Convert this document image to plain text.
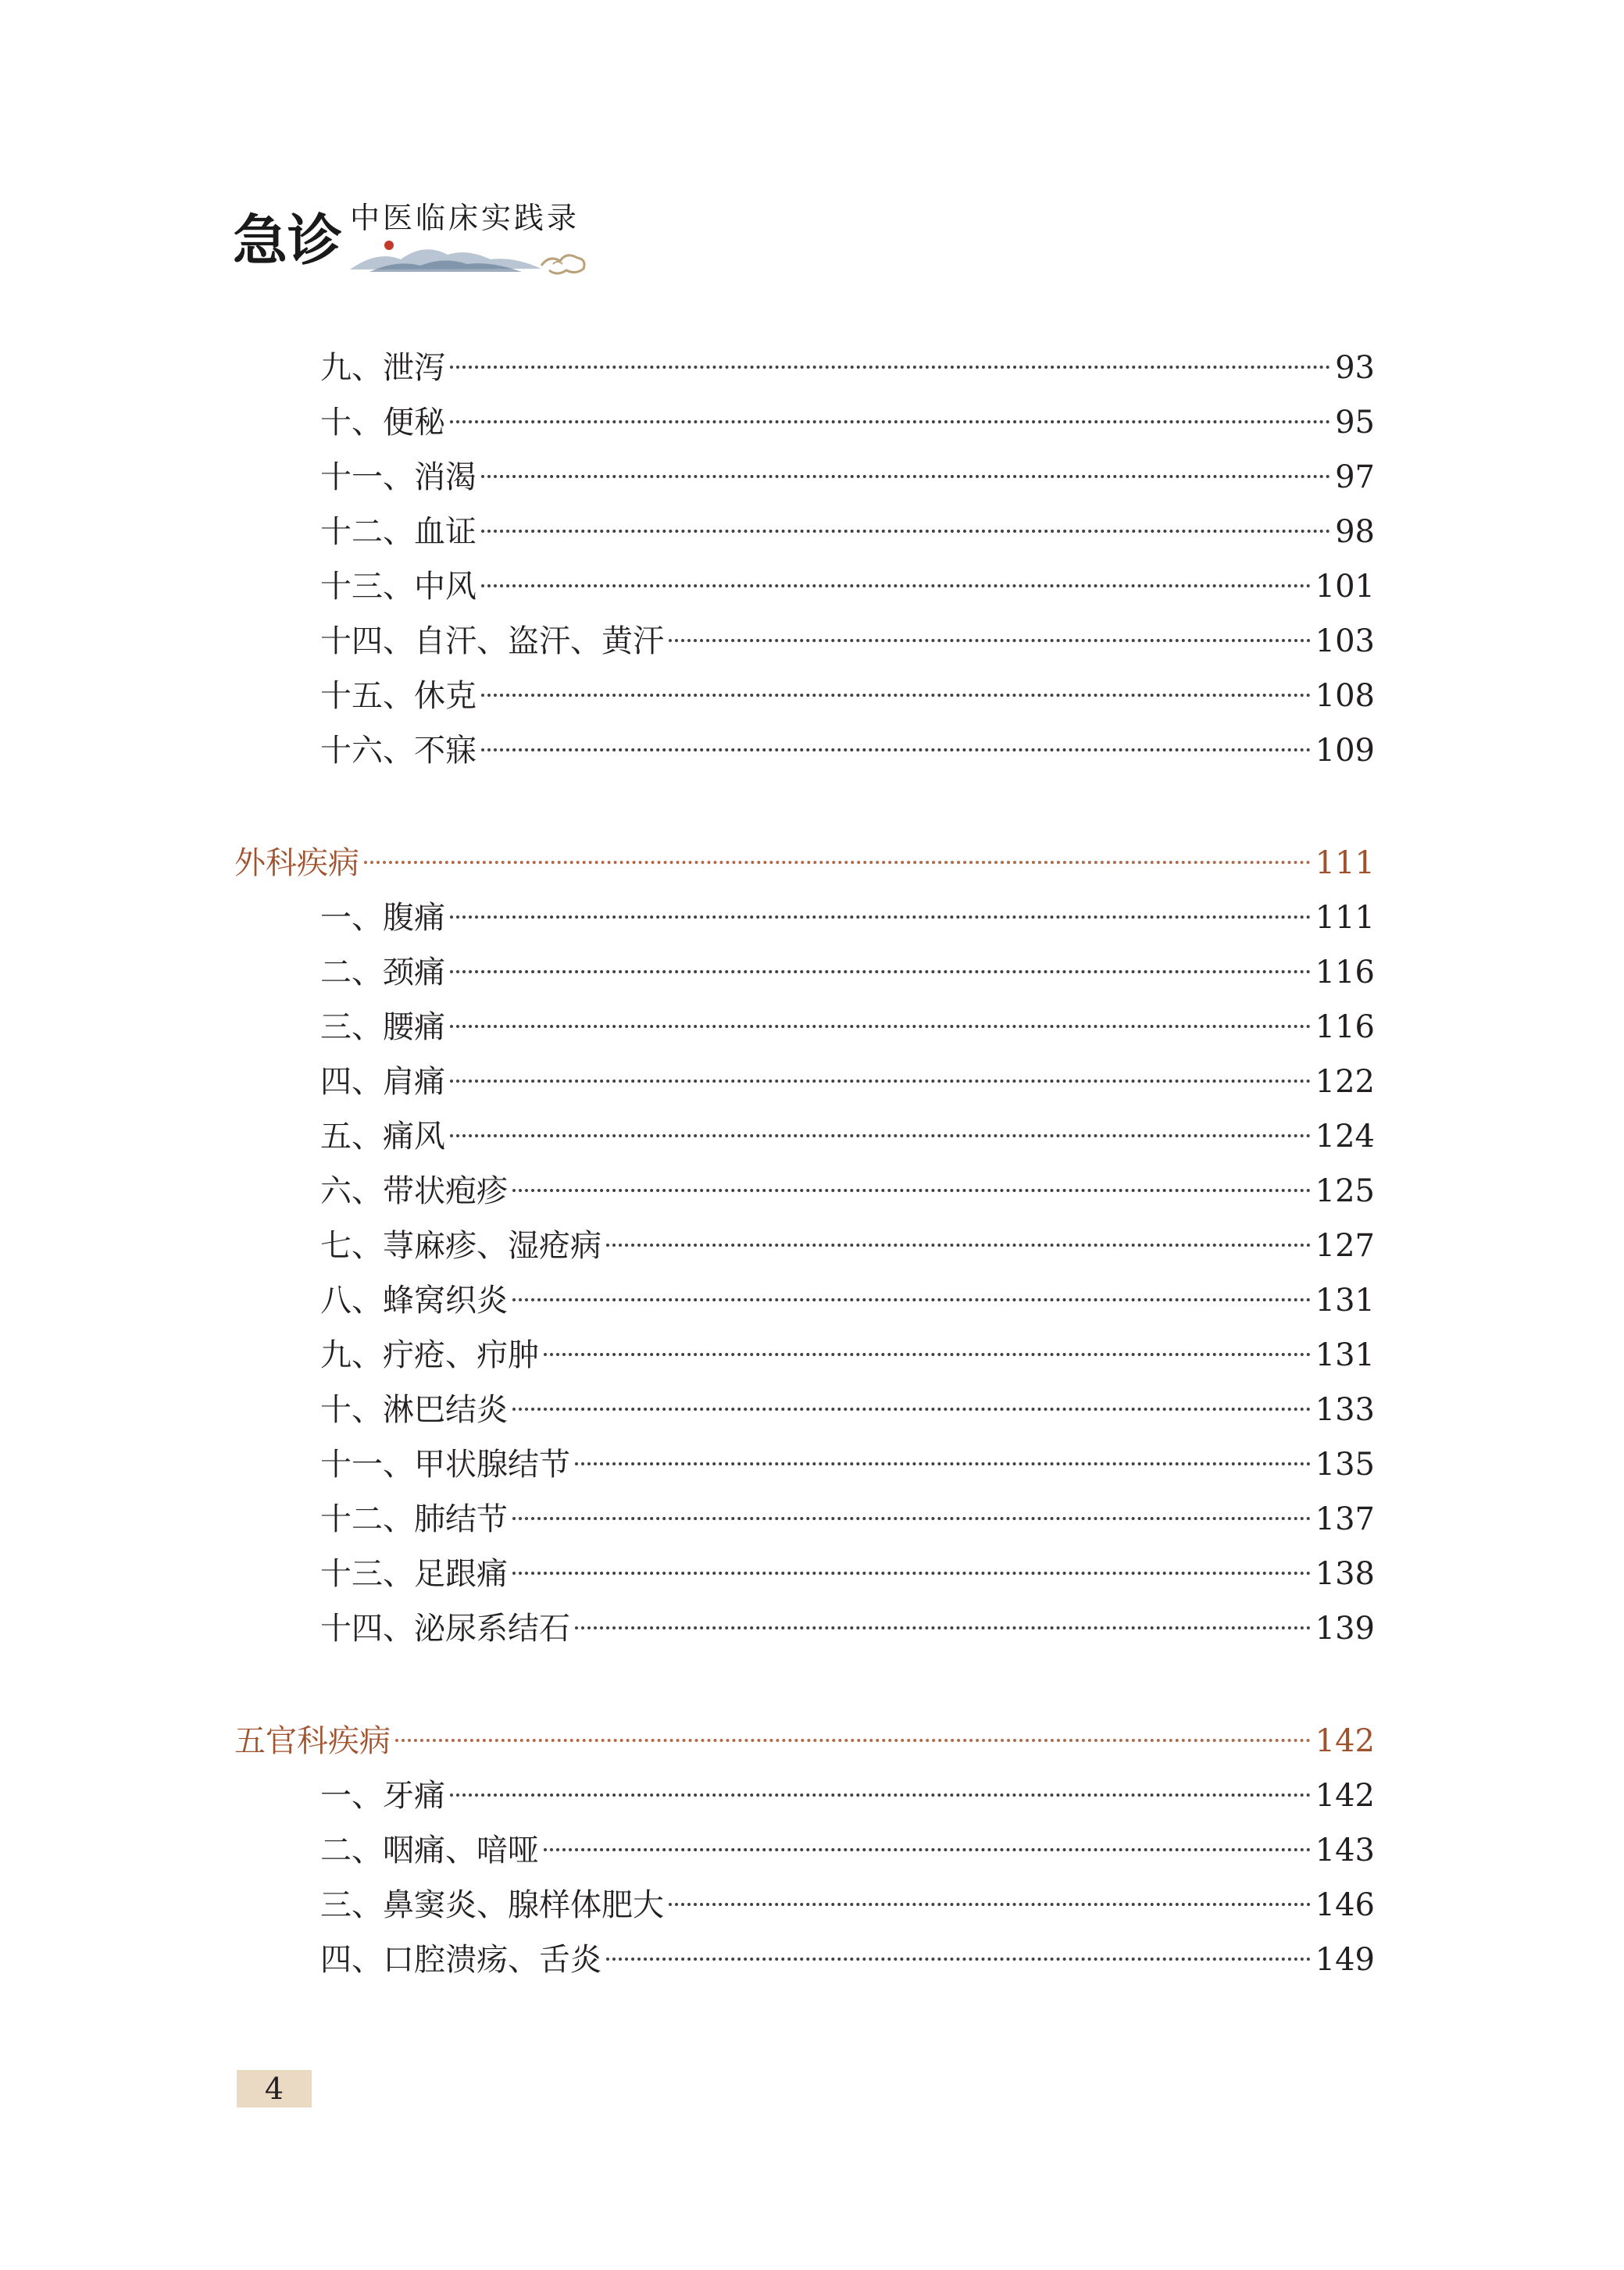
急诊 中医临床实践录
九、泄泻	93
十、便秘	95
十一、消渴	97
十二、血证	98
十三、中风	101
十四、自汗、盗汗、黄汗	103
十五、休克	108
十六、不寐	109
外科疾病	111
一、腹痛	111
二、颈痛	116
三、腰痛	116
四、肩痛	122
五、痛风	124
六、带状疱疹	125
七、荨麻疹、湿疮病	127
八、蜂窝织炎	131
九、疔疮、疖肿	131
十、淋巴结炎	133
十一、甲状腺结节	135
十二、肺结节	137
十三、足跟痛	138
十四、泌尿系结石	139
五官科疾病	142
一、牙痛	142
二、咽痛、喑哑	143
三、鼻窦炎、腺样体肥大	146
四、口腔溃疡、舌炎	149
4
